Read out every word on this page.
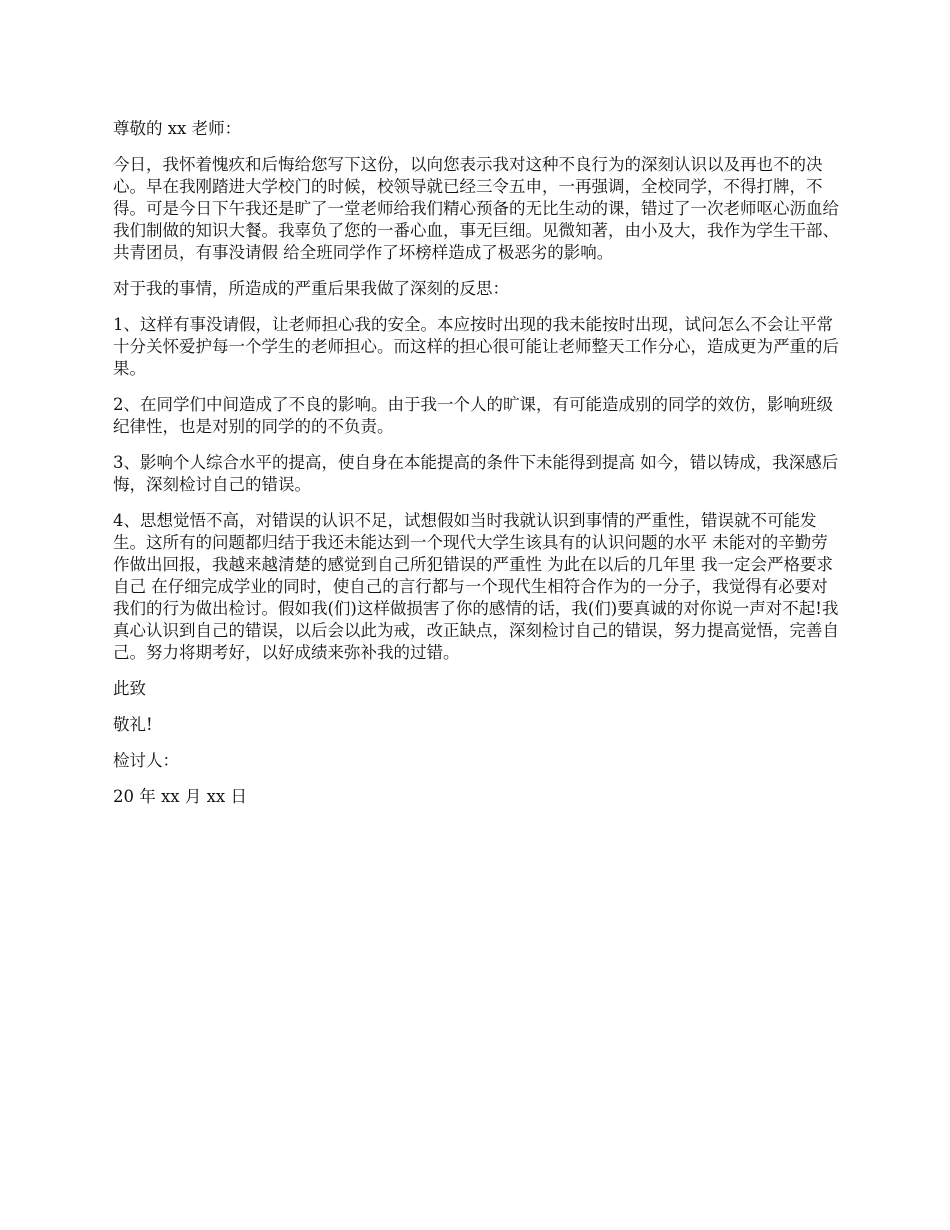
尊敬的 xx 老师：

今日，我怀着愧疚和后悔给您写下这份，以向您表示我对这种不良行为的深刻认识以及再也不的决心。早在我刚踏进大学校门的时候，校领导就已经三令五申，一再强调，全校同学，不得打牌，不得。可是今日下午我还是旷了一堂老师给我们精心预备的无比生动的课，错过了一次老师呕心沥血给我们制做的知识大餐。我辜负了您的一番心血，事无巨细。见微知著，由小及大，我作为学生干部、共青团员，有事没请假 给全班同学作了坏榜样造成了极恶劣的影响。

对于我的事情，所造成的严重后果我做了深刻的反思：

1、这样有事没请假，让老师担心我的安全。本应按时出现的我未能按时出现，试问怎么不会让平常十分关怀爱护每一个学生的老师担心。而这样的担心很可能让老师整天工作分心，造成更为严重的后果。

2、在同学们中间造成了不良的影响。由于我一个人的旷课，有可能造成别的同学的效仿，影响班级纪律性，也是对别的同学的的不负责。

3、影响个人综合水平的提高，使自身在本能提高的条件下未能得到提高 如今，错以铸成，我深感后悔，深刻检讨自己的错误。

4、思想觉悟不高，对错误的认识不足，试想假如当时我就认识到事情的严重性，错误就不可能发生。这所有的问题都归结于我还未能达到一个现代大学生该具有的认识问题的水平 未能对的辛勤劳作做出回报，我越来越清楚的感觉到自己所犯错误的严重性 为此在以后的几年里 我一定会严格要求自己 在仔细完成学业的同时，使自己的言行都与一个现代生相符合作为的一分子，我觉得有必要对我们的行为做出检讨。假如我(们)这样做损害了你的感情的话，我(们)要真诚的对你说一声对不起!我真心认识到自己的错误，以后会以此为戒，改正缺点，深刻检讨自己的错误，努力提高觉悟，完善自己。努力将期考好，以好成绩来弥补我的过错。

此致

敬礼!

检讨人：

20 年 xx 月 xx 日
